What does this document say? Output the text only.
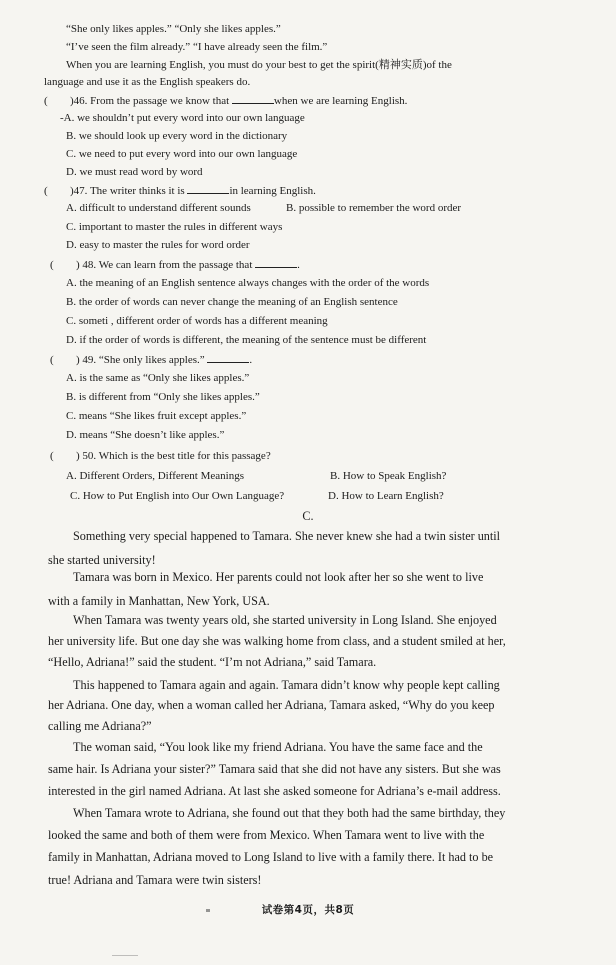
“She only likes apples.” “Only she likes apples.”
“I’ve seen the film already.” “I have already seen the film.”
When you are learning English, you must do your best to get the spirit(精神实质)of the
language and use it as the English speakers do.
( )46. From the passage we know that	when we are learning English.
-A. we shouldn’t put every word into our own language
B. we should look up every word in the dictionary
C. we need to put every word into our own language
D. we must read word by word
( )47. The writer thinks it is	in learning English.
A. difficult to understand different sounds	B. possible to remember the word order
C. important to master the rules in different ways
D. easy to master the rules for word order
( ) 48. We can learn from the passage that	.
A. the meaning of an English sentence always changes with the order of the words
B. the order of words can never change the meaning of an English sentence
C. someti , different order of words has a different meaning
D. if the order of words is different, the meaning of the sentence must be different
( ) 49. “She only likes apples.”	.
A. is the same as “Only she likes apples.”
B. is different from “Only she likes apples.”
C. means “She likes fruit except apples.”
D. means “She doesn’t like apples.”
( ) 50. Which is the best title for this passage?
A. Different Orders, Different Meanings	B. How to Speak English?
C. How to Put English into Our Own Language?	D. How to Learn English?
C.
Something very special happened to Tamara. She never knew she had a twin sister until
she started university!
Tamara was born in Mexico. Her parents could not look after her so she went to live
with a family in Manhattan, New York, USA.
When Tamara was twenty years old, she started university in Long Island. She enjoyed
her university life. But one day she was walking home from class, and a student smiled at her,
“Hello, Adriana!” said the student. “I’m not Adriana,” said Tamara.
This happened to Tamara again and again. Tamara didn’t know why people kept calling
her Adriana. One day, when a woman called her Adriana, Tamara asked, “Why do you keep
calling me Adriana?”
The woman said, “You look like my friend Adriana. You have the same face and the
same hair. Is Adriana your sister?” Tamara said that she did not have any sisters. But she was
interested in the girl named Adriana. At last she asked someone for Adriana’s e-mail address.
When Tamara wrote to Adriana, she found out that they both had the same birthday, they
looked the same and both of them were from Mexico. When Tamara went to live with the
family in Manhattan, Adriana moved to Long Island to live with a family there. It had to be
true! Adriana and Tamara were twin sisters!
试卷第4页，共8页
